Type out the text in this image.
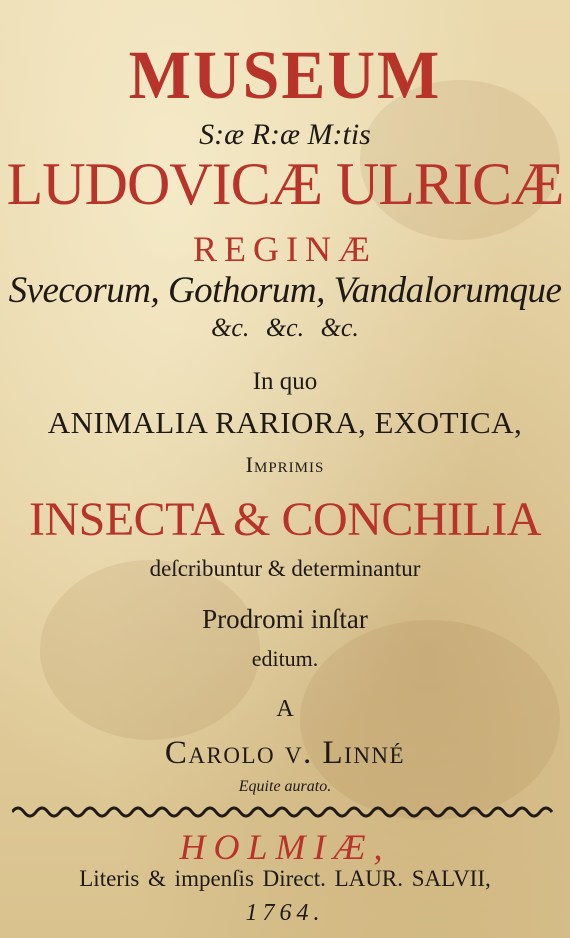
MUSEUM
S:æ R:æ M:tis
LUDOVICÆ ULRICÆ
REGINÆ
Svecorum, Gothorum, Vandalorumque
&c. &c. &c.
In quo
ANIMALIA RARIORA, EXOTICA,
Imprimis
INSECTA & CONCHILIA
deſcribuntur & determinantur
Prodromi inſtar
editum.
A
Carolo v. Linné
Equite aurato.
HOLMIÆ,
Literis & impenſis Direct. LAUR. SALVII,
1764.
